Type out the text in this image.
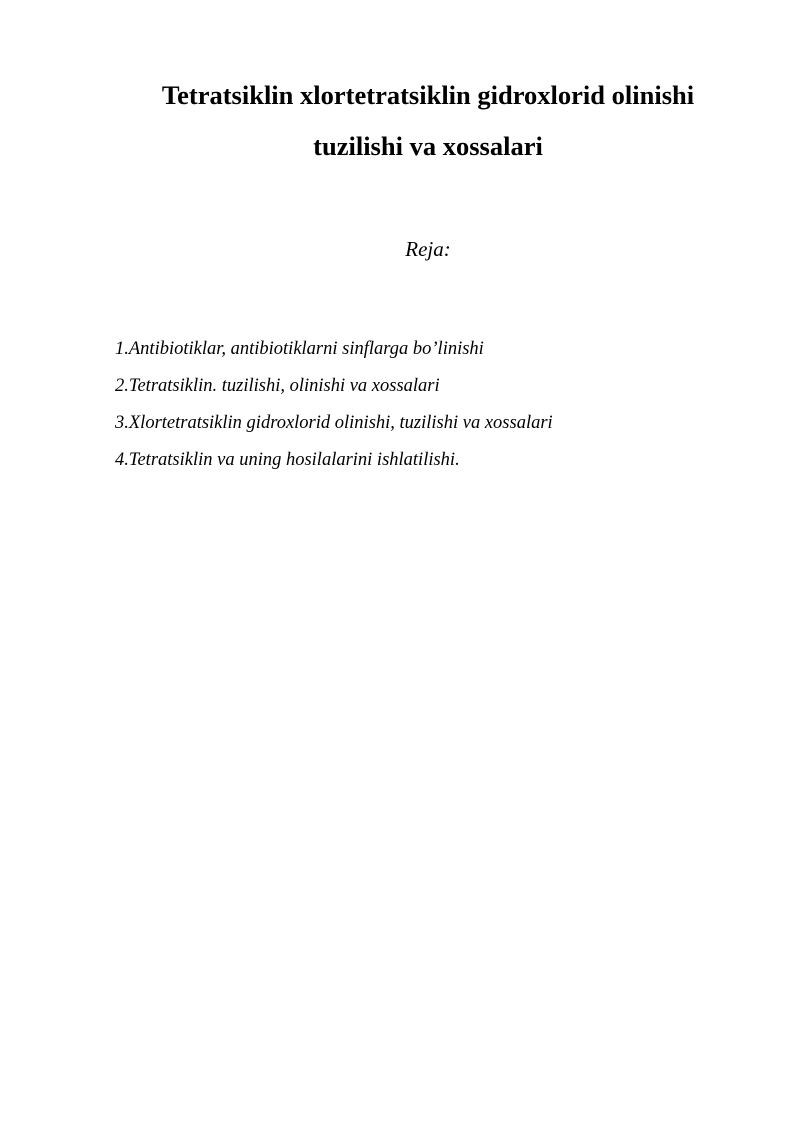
Tetratsiklin xlortetratsiklin gidroxlorid olinishi
tuzilishi va xossalari

Reja:

1.Antibiotiklar, antibiotiklarni sinflarga bo’linishi
2.Tetratsiklin. tuzilishi, olinishi va xossalari
3.Xlortetratsiklin gidroxlorid olinishi, tuzilishi va xossalari
4.Tetratsiklin va uning hosilalarini ishlatilishi.
